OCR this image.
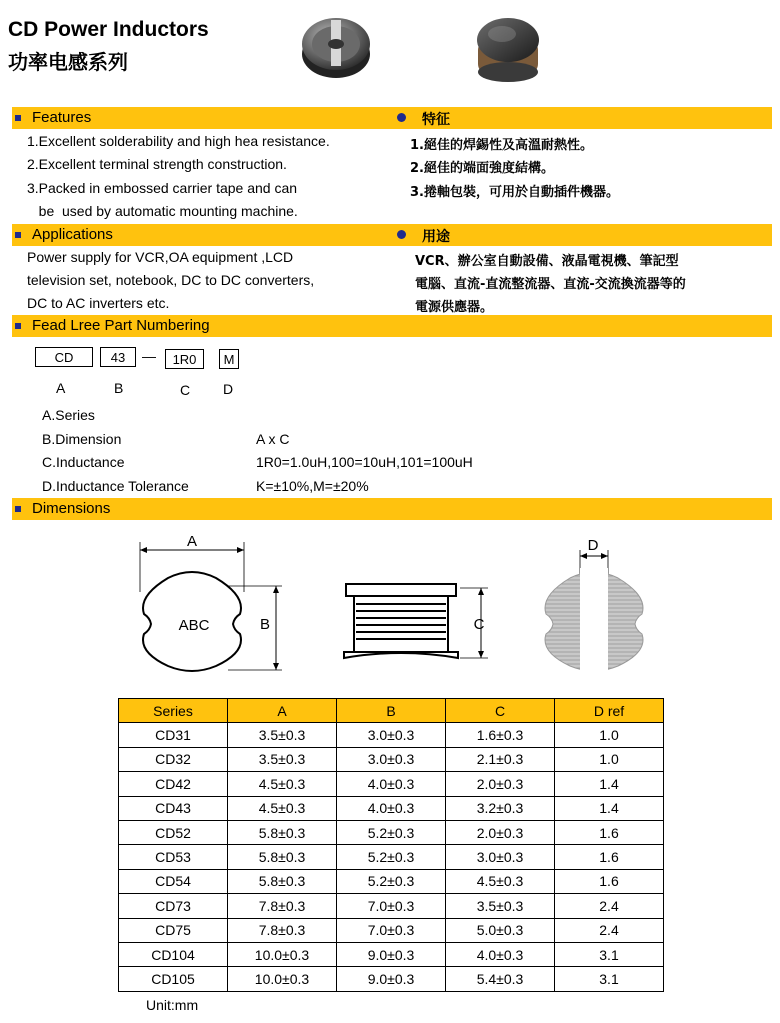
CD Power Inductors
功率电感系列
Features	特征
1.Excellent solderability and high hea resistance.
2.Excellent terminal strength construction.
3.Packed in embossed carrier tape and can
be  used by automatic mounting machine.
1.絕佳的焊錫性及高溫耐熱性。
2.絕佳的端面強度結構。
3.捲軸包裝，可用於自動插件機器。
Applications	用途
Power supply for VCR,OA equipment ,LCD
television set, notebook, DC to DC converters,
DC to AC inverters etc.
VCR、辦公室自動設備、液晶電視機、筆記型
電腦、直流-直流整流器、直流-交流換流器等的
電源供應器。
Fead Lree Part Numbering
CD	43	—	1R0	M
A	B	C D
A.Series
B.Dimension	A x C
C.Inductance	1R0=1.0uH,100=10uH,101=100uH
D.Inductance Tolerance	K=±10%,M=±20%
Dimensions
A
ABC	B	C
D
Series	A	B	C	D ref
CD31	3.5±0.3	3.0±0.3	1.6±0.3	1.0
CD32	3.5±0.3	3.0±0.3	2.1±0.3	1.0
CD42	4.5±0.3	4.0±0.3	2.0±0.3	1.4
CD43	4.5±0.3	4.0±0.3	3.2±0.3	1.4
CD52	5.8±0.3	5.2±0.3	2.0±0.3	1.6
CD53	5.8±0.3	5.2±0.3	3.0±0.3	1.6
CD54	5.8±0.3	5.2±0.3	4.5±0.3	1.6
CD73	7.8±0.3	7.0±0.3	3.5±0.3	2.4
CD75	7.8±0.3	7.0±0.3	5.0±0.3	2.4
CD104	10.0±0.3	9.0±0.3	4.0±0.3	3.1
CD105	10.0±0.3	9.0±0.3	5.4±0.3	3.1
Unit:mm
